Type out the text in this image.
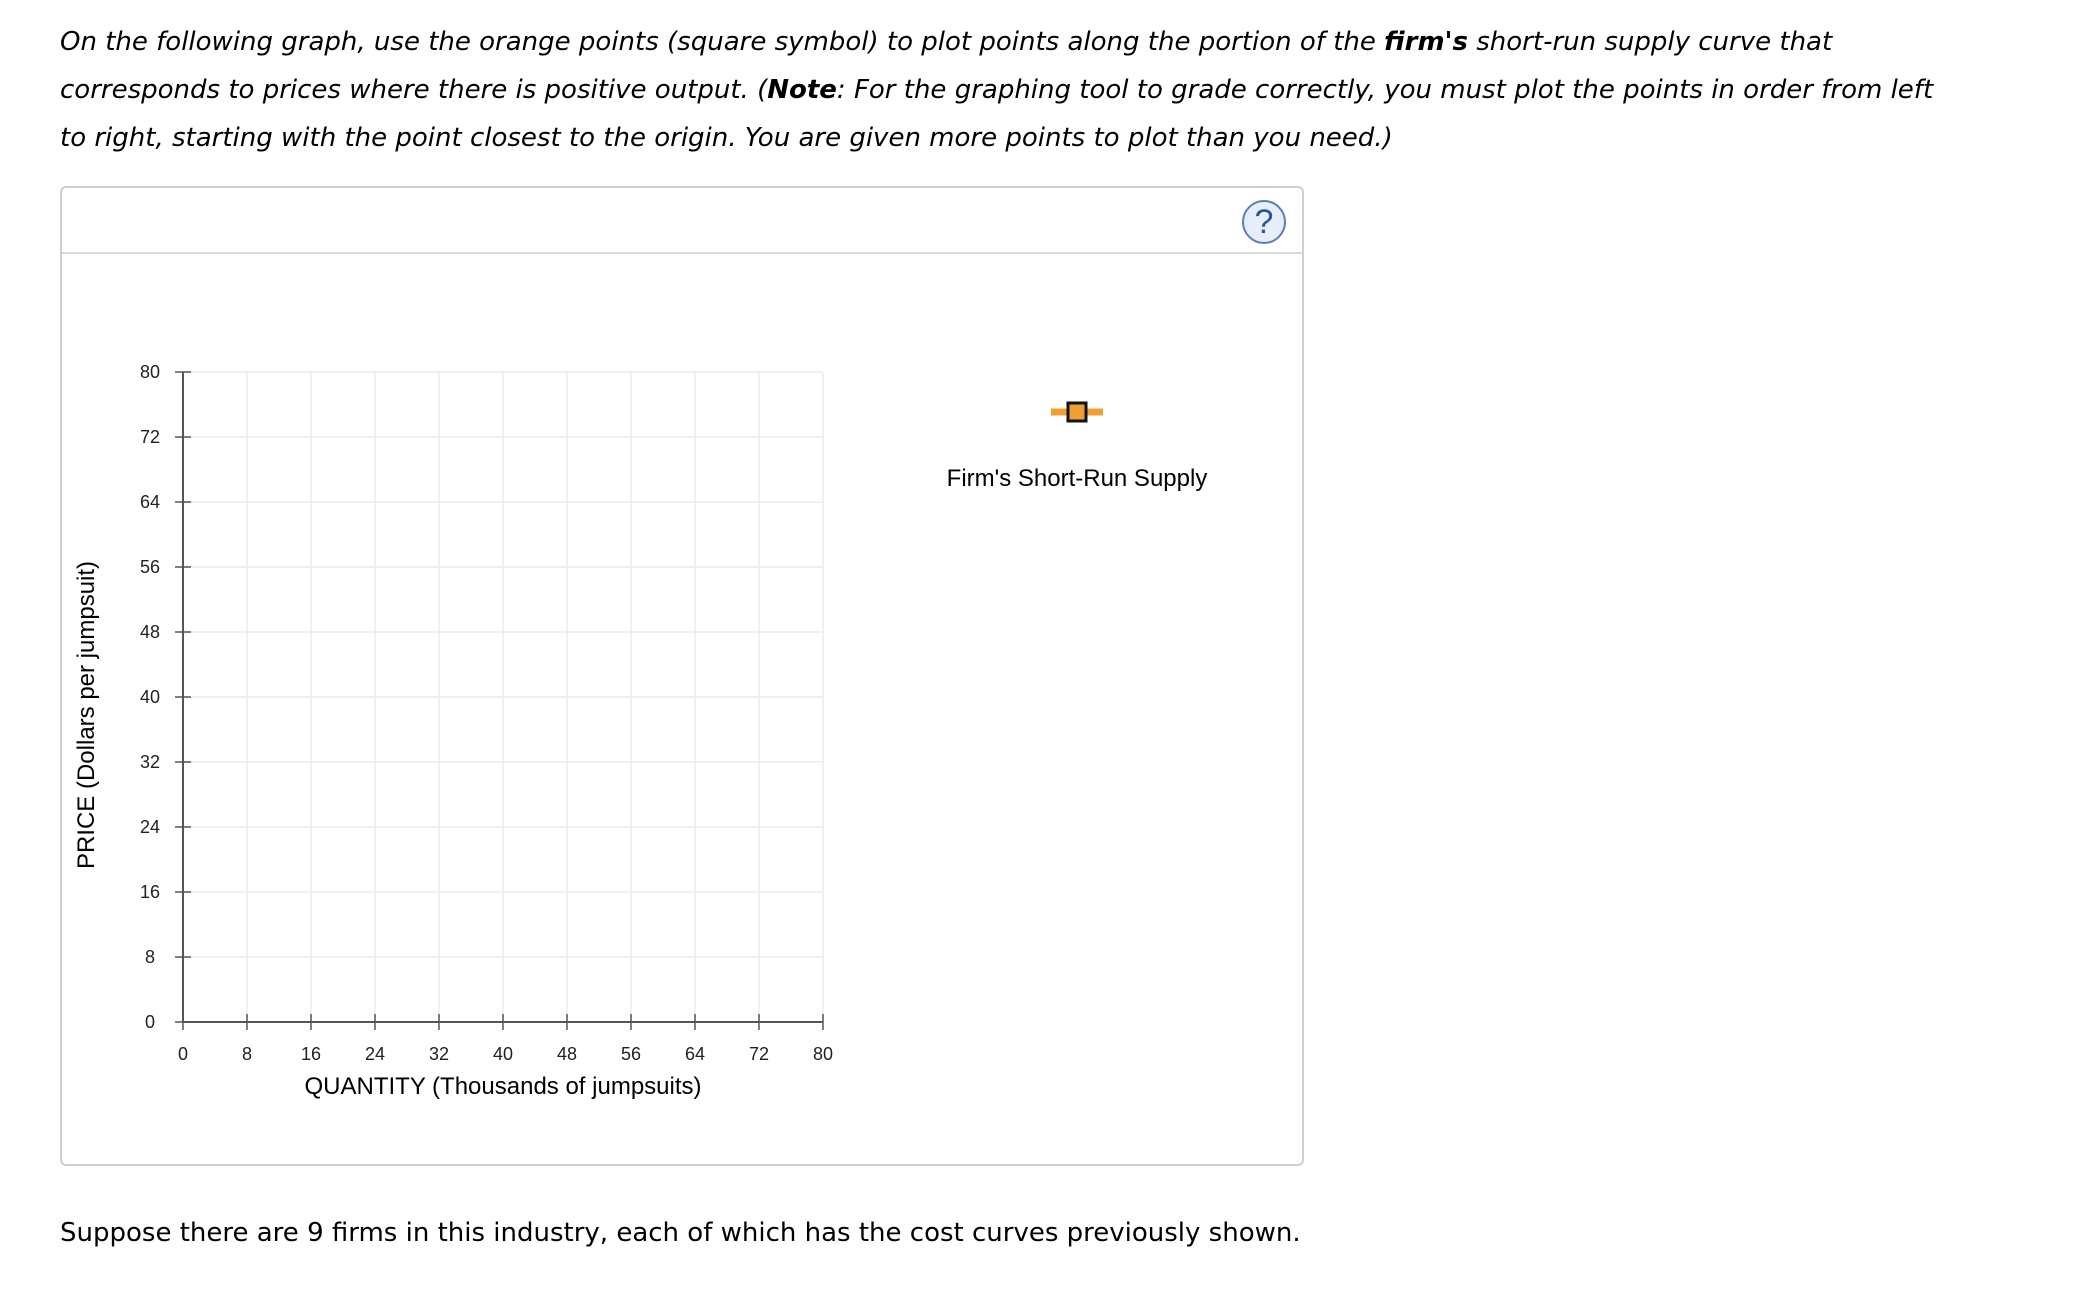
On the following graph, use the orange points (square symbol) to plot points along the portion of the firm's short-run supply curve that corresponds to prices where there is positive output. (Note: For the graphing tool to grade correctly, you must plot the points in order from left to right, starting with the point closest to the origin. You are given more points to plot than you need.)

?
0
8
16
24
32
40
48
56
64
72
80
0	8	16 24 32 40 48 56 64 72 80
QUANTITY (Thousands of jumpsuits)
PRICE (Dollars per jumpsuit)
Firm's Short-Run Supply

Suppose there are 9 firms in this industry, each of which has the cost curves previously shown.
